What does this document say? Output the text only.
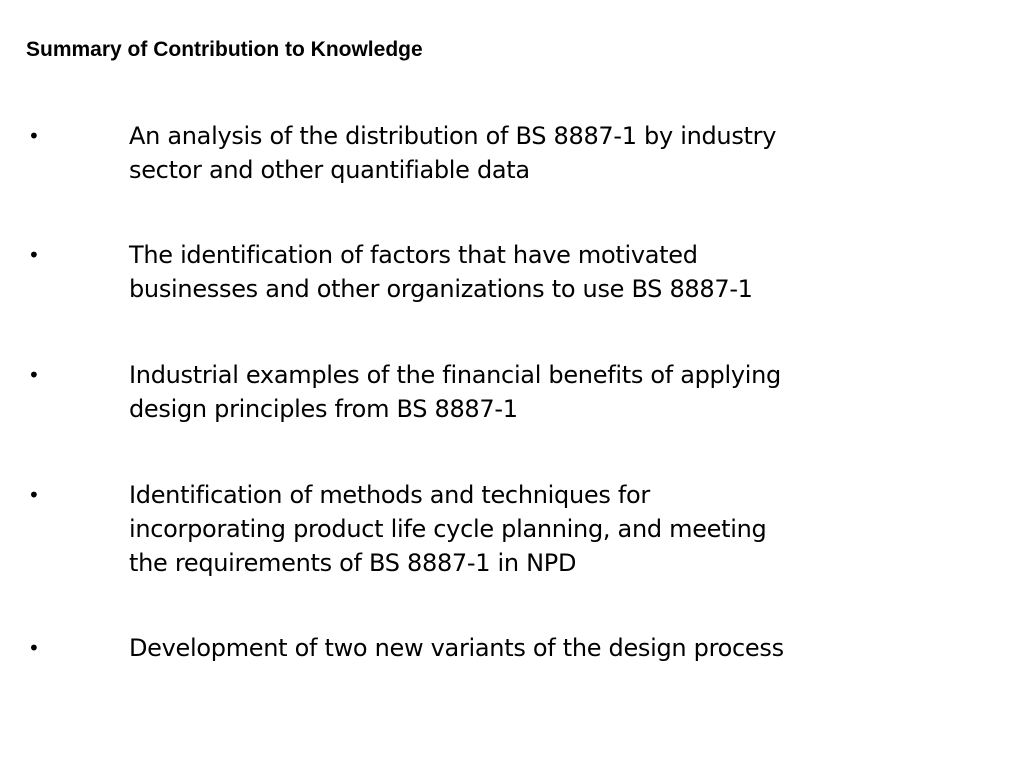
Summary of Contribution to Knowledge
•	An analysis of the distribution of BS 8887-1 by industry
sector and other quantifiable data
•	The identification of factors that have motivated
businesses and other organizations to use BS 8887-1
•	Industrial examples of the financial benefits of applying
design principles from BS 8887-1
•	Identification of methods and techniques for
incorporating product life cycle planning, and meeting
the requirements of BS 8887-1 in NPD
•	Development of two new variants of the design process
